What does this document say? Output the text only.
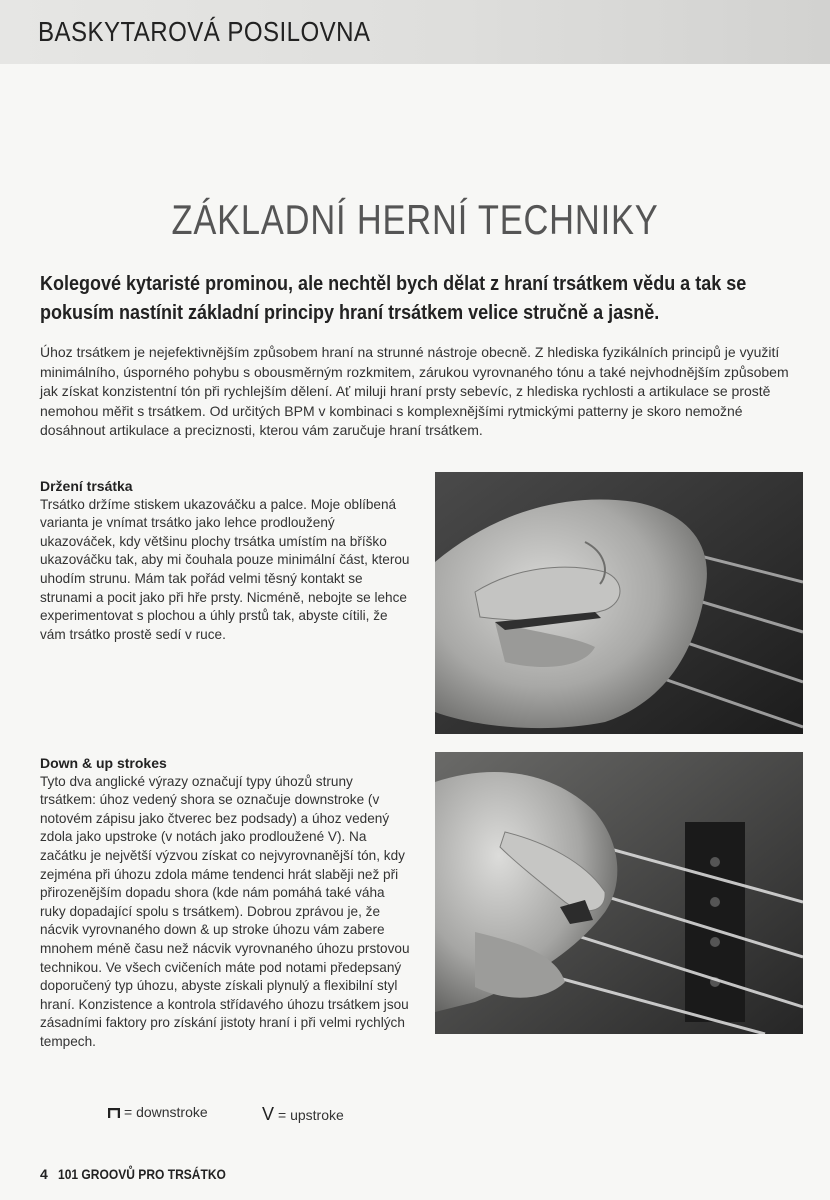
BASKYTAROVÁ POSILOVNA
ZÁKLADNÍ HERNÍ TECHNIKY
Kolegové kytaristé prominou, ale nechtěl bych dělat z hraní trsátkem vědu a tak se
pokusím nastínit základní principy hraní trsátkem velice stručně a jasně.
Úhoz trsátkem je nejefektivnějším způsobem hraní na strunné nástroje obecně. Z hlediska fyzikálních principů je využití minimálního, úsporného pohybu s obousměrným rozkmitem, zárukou vyrovnaného tónu a také nejvhodnějším způsobem jak získat konzistentní tón při rychlejším dělení. Ať miluji hraní prsty sebevíc, z hlediska rychlosti a artikulace se prostě nemohou měřit s trsátkem. Od určitých BPM v kombinaci s komplexnějšími rytmickými patterny je skoro nemožné dosáhnout artikulace a preciznosti, kterou vám zaručuje hraní trsátkem.
Držení trsátka

Trsátko držíme stiskem ukazováčku a palce. Moje oblíbená varianta je vnímat trsátko jako lehce prodloužený ukazováček, kdy většinu plochy trsátka umístím na bříško ukazováčku tak, aby mi čouhala pouze minimální část, kterou uhodím strunu. Mám tak pořád velmi těsný kontakt se strunami a pocit jako při hře prsty. Nicméně, nebojte se lehce experimentovat s plochou a úhly prstů tak, abyste cítili, že vám trsátko prostě sedí v ruce.

Down & up strokes

Tyto dva anglické výrazy označují typy úhozů struny trsátkem: úhoz vedený shora se označuje downstroke (v notovém zápisu jako čtverec bez podsady) a úhoz vedený zdola jako upstroke (v notách jako prodloužené V). Na začátku je největší výzvou získat co nejvyrovnanější tón, kdy zejména při úhozu zdola máme tendenci hrát slaběji než při přirozenějším dopadu shora (kde nám pomáhá také váha ruky dopadající spolu s trsátkem). Dobrou zprávou je, že nácvik vyrovnaného down & up stroke úhozu vám zabere mnohem méně času než nácvik vyrovnaného úhozu prstovou technikou. Ve všech cvičeních máte pod notami předepsaný doporučený typ úhozu, abyste získali plynulý a flexibilní styl hraní. Konzistence a kontrola střídavého úhozu trsátkem jsou zásadními faktory pro získání jistoty hraní i při velmi rychlých tempech.

= downstroke	V = upstroke
4 101 GROOVŮ PRO TRSÁTKO
